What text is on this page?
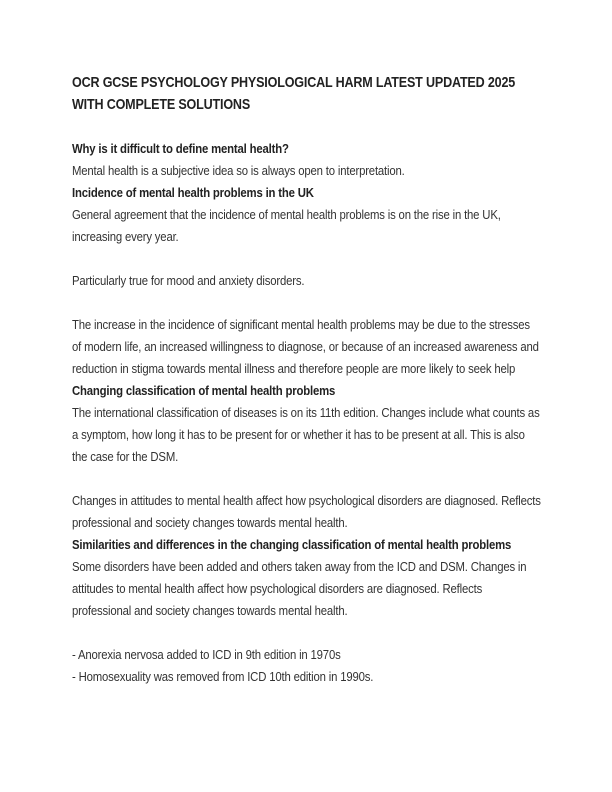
OCR GCSE PSYCHOLOGY PHYSIOLOGICAL HARM LATEST UPDATED 2025 WITH COMPLETE SOLUTIONS

Why is it difficult to define mental health?

Mental health is a subjective idea so is always open to interpretation.

Incidence of mental health problems in the UK

General agreement that the incidence of mental health problems is on the rise in the UK, increasing every year.

Particularly true for mood and anxiety disorders.

The increase in the incidence of significant mental health problems may be due to the stresses of modern life, an increased willingness to diagnose, or because of an increased awareness and reduction in stigma towards mental illness and therefore people are more likely to seek help

Changing classification of mental health problems

The international classification of diseases is on its 11th edition. Changes include what counts as a symptom, how long it has to be present for or whether it has to be present at all. This is also the case for the DSM.

Changes in attitudes to mental health affect how psychological disorders are diagnosed. Reflects professional and society changes towards mental health.

Similarities and differences in the changing classification of mental health problems

Some disorders have been added and others taken away from the ICD and DSM. Changes in attitudes to mental health affect how psychological disorders are diagnosed. Reflects professional and society changes towards mental health.

- Anorexia nervosa added to ICD in 9th edition in 1970s

- Homosexuality was removed from ICD 10th edition in 1990s.
